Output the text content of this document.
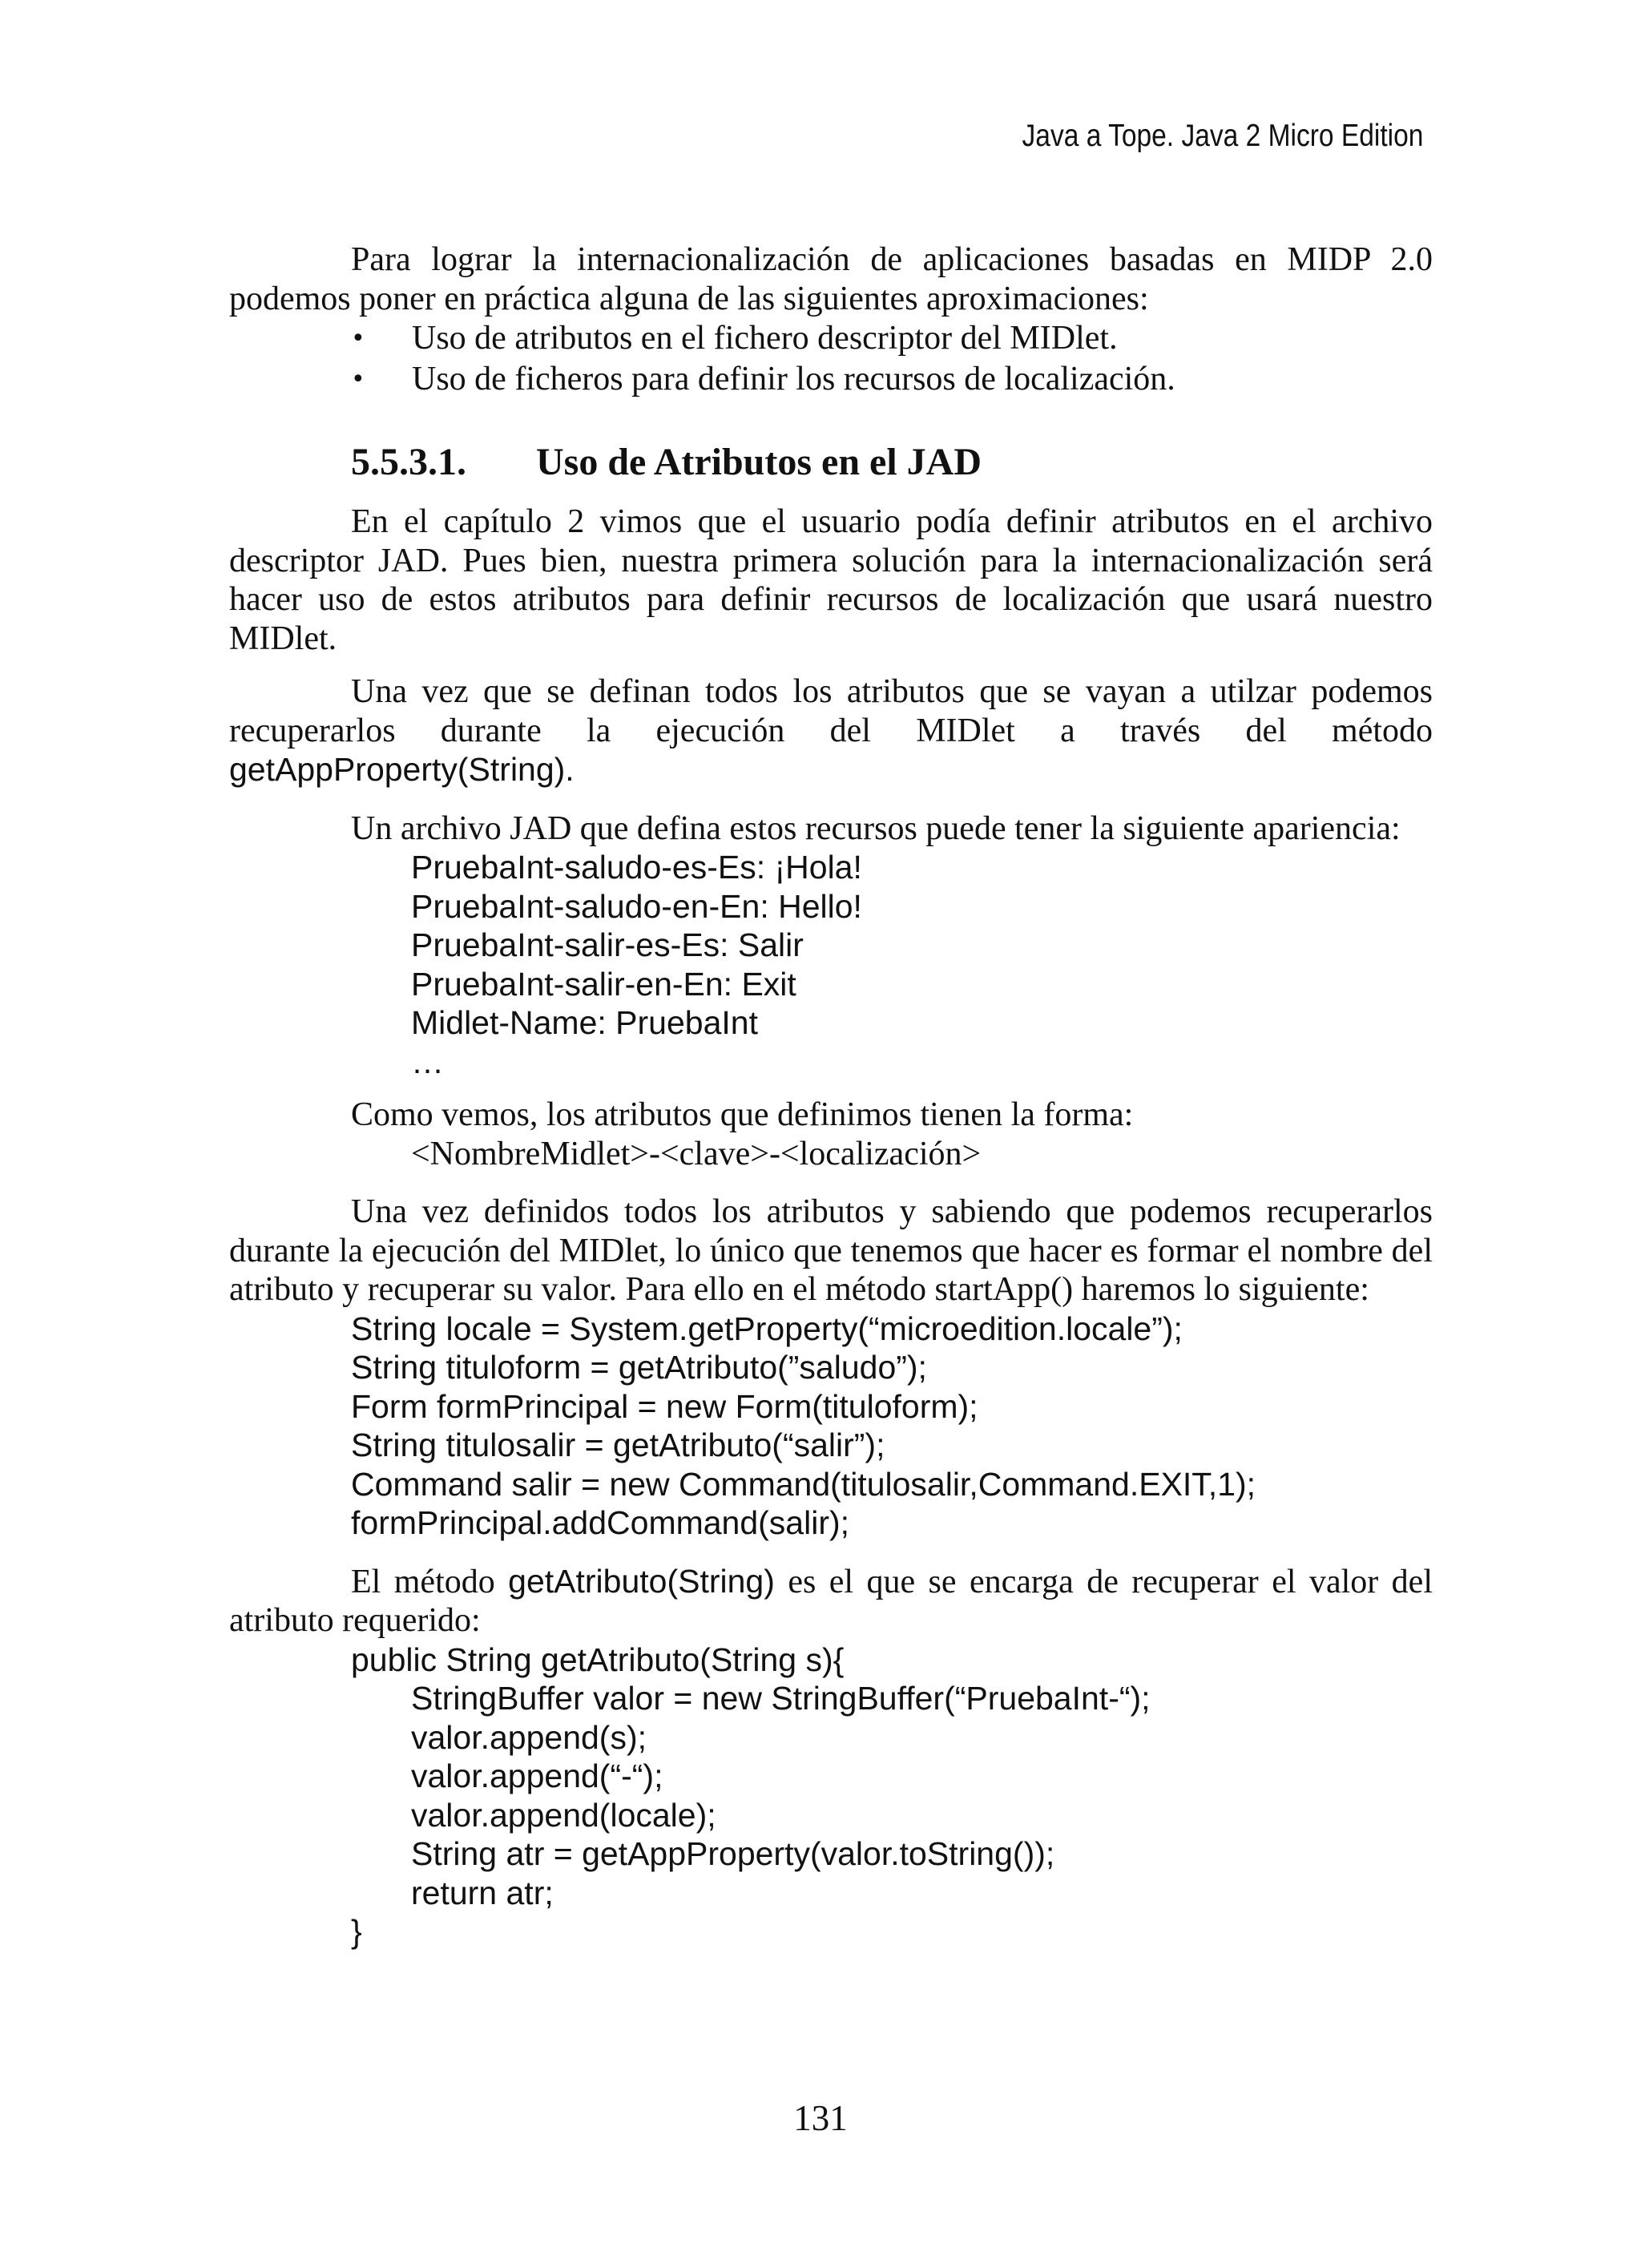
Java a Tope. Java 2 Micro Edition

Para lograr la internacionalización de aplicaciones basadas en MIDP 2.0 podemos poner en práctica alguna de las siguientes aproximaciones:

• Uso de atributos en el fichero descriptor del MIDlet.
• Uso de ficheros para definir los recursos de localización.
5.5.3.1. Uso de Atributos en el JAD

En el capítulo 2 vimos que el usuario podía definir atributos en el archivo descriptor JAD. Pues bien, nuestra primera solución para la internacionalización será hacer uso de estos atributos para definir recursos de localización que usará nuestro MIDlet.

Una vez que se definan todos los atributos que se vayan a utilzar podemos recuperarlos durante la ejecución del MIDlet a través del método getAppProperty(String).

Un archivo JAD que defina estos recursos puede tener la siguiente apariencia:

PruebaInt-saludo-es-Es: ¡Hola!
PruebaInt-saludo-en-En: Hello!
PruebaInt-salir-es-Es: Salir
PruebaInt-salir-en-En: Exit
Midlet-Name: PruebaInt
…

Como vemos, los atributos que definimos tienen la forma:

<NombreMidlet>-<clave>-<localización>

Una vez definidos todos los atributos y sabiendo que podemos recuperarlos durante la ejecución del MIDlet, lo único que tenemos que hacer es formar el nombre del atributo y recuperar su valor. Para ello en el método startApp() haremos lo siguiente:

String locale = System.getProperty(“microedition.locale”);
String tituloform = getAtributo(”saludo”);
Form formPrincipal = new Form(tituloform);
String titulosalir = getAtributo(“salir”);
Command salir = new Command(titulosalir,Command.EXIT,1);
formPrincipal.addCommand(salir);

El método getAtributo(String) es el que se encarga de recuperar el valor del atributo requerido:

public String getAtributo(String s){
StringBuffer valor = new StringBuffer(“PruebaInt-“);
valor.append(s);
valor.append(“-“);
valor.append(locale);
String atr = getAppProperty(valor.toString());
return atr;
}
131
